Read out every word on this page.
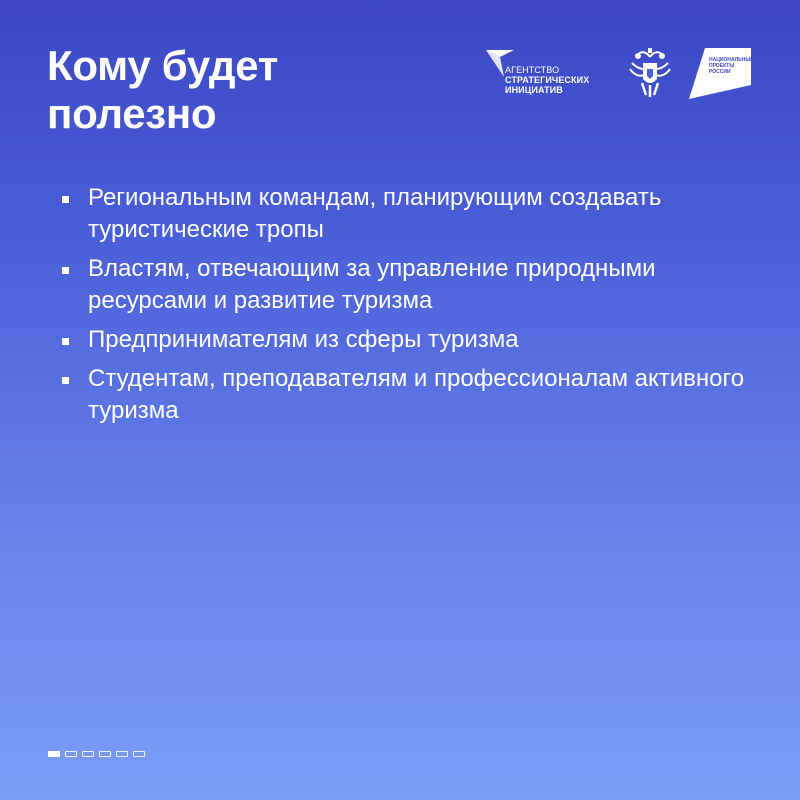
Кому будет полезно
АГЕНТСТВО
СТРАТЕГИЧЕСКИХ
ИНИЦИАТИВ
Туризм
НАЦИОНАЛЬНЫЕ
ПРОЕКТЫ
РОССИИ
Региональным командам, планирующим создавать туристические тропы
Властям, отвечающим за управление природными ресурсами и развитие туризма
Предпринимателям из сферы туризма
Студентам, преподавателям и профессионалам активного туризма
